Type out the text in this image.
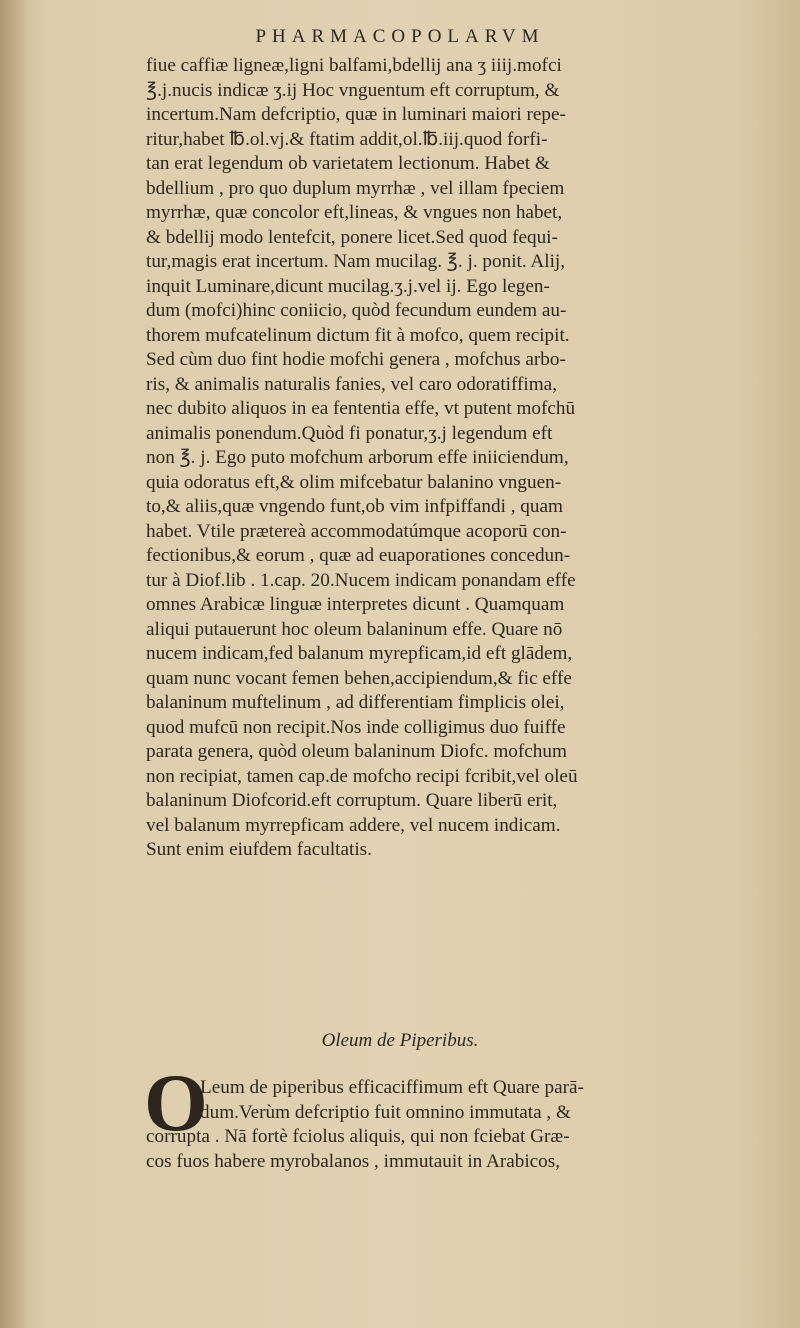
PHARMACOPOLARVM
fiue caffiæ ligneæ,ligni balfami,bdellij ana ʒ iiij.mofci
℥.j.nucis indicæ ʒ.ij Hoc vnguentum eft corruptum, &
incertum.Nam defcriptio, quæ in luminari maiori repe-
ritur,habet ℔.ol.vj.& ftatim addit,ol.℔.iij.quod forfi-
tan erat legendum ob varietatem lectionum. Habet &
bdellium , pro quo duplum myrrhæ , vel illam fpeciem
myrrhæ, quæ concolor eft,lineas, & vngues non habet,
& bdellij modo lentefcit, ponere licet.Sed quod fequi-
tur,magis erat incertum. Nam mucilag. ℥. j. ponit. Alij,
inquit Luminare,dicunt mucilag.ʒ.j.vel ij. Ego legen-
dum (mofci)hinc coniicio, quòd fecundum eundem au-
thorem mufcatelinum dictum fit à mofco, quem recipit.
Sed cùm duo fint hodie mofchi genera , mofchus arbo-
ris, & animalis naturalis fanies, vel caro odoratiffima,
nec dubito aliquos in ea fententia effe, vt putent mofchū
animalis ponendum.Quòd fi ponatur,ʒ.j legendum eft
non ℥. j. Ego puto mofchum arborum effe iniiciendum,
quia odoratus eft,& olim mifcebatur balanino vnguen-
to,& aliis,quæ vngendo funt,ob vim infpiffandi , quam
habet. Vtile prætereà accommodatúmque acoporū con-
fectionibus,& eorum , quæ ad euaporationes concedun-
tur à Diof.lib . 1.cap. 20.Nucem indicam ponandam effe
omnes Arabicæ linguæ interpretes dicunt . Quamquam
aliqui putauerunt hoc oleum balaninum effe. Quare nō
nucem indicam,fed balanum myrepficam,id eft glādem,
quam nunc vocant femen behen,accipiendum,& fic effe
balaninum muftelinum , ad differentiam fimplicis olei,
quod mufcū non recipit.Nos inde colligimus duo fuiffe
parata genera, quòd oleum balaninum Diofc. mofchum
non recipiat, tamen cap.de mofcho recipi fcribit,vel oleū
balaninum Diofcorid.eft corruptum. Quare liberū erit,
vel balanum myrrepficam addere, vel nucem indicam.
Sunt enim eiufdem facultatis.
Oleum de Piperibus.
O
Leum de piperibus efficaciffimum eft Quare parā-
dum.Verùm defcriptio fuit omnino immutata , &
corrupta . Nā fortè fciolus aliquis, qui non fciebat Græ-
cos fuos habere myrobalanos , immutauit in Arabicos,
